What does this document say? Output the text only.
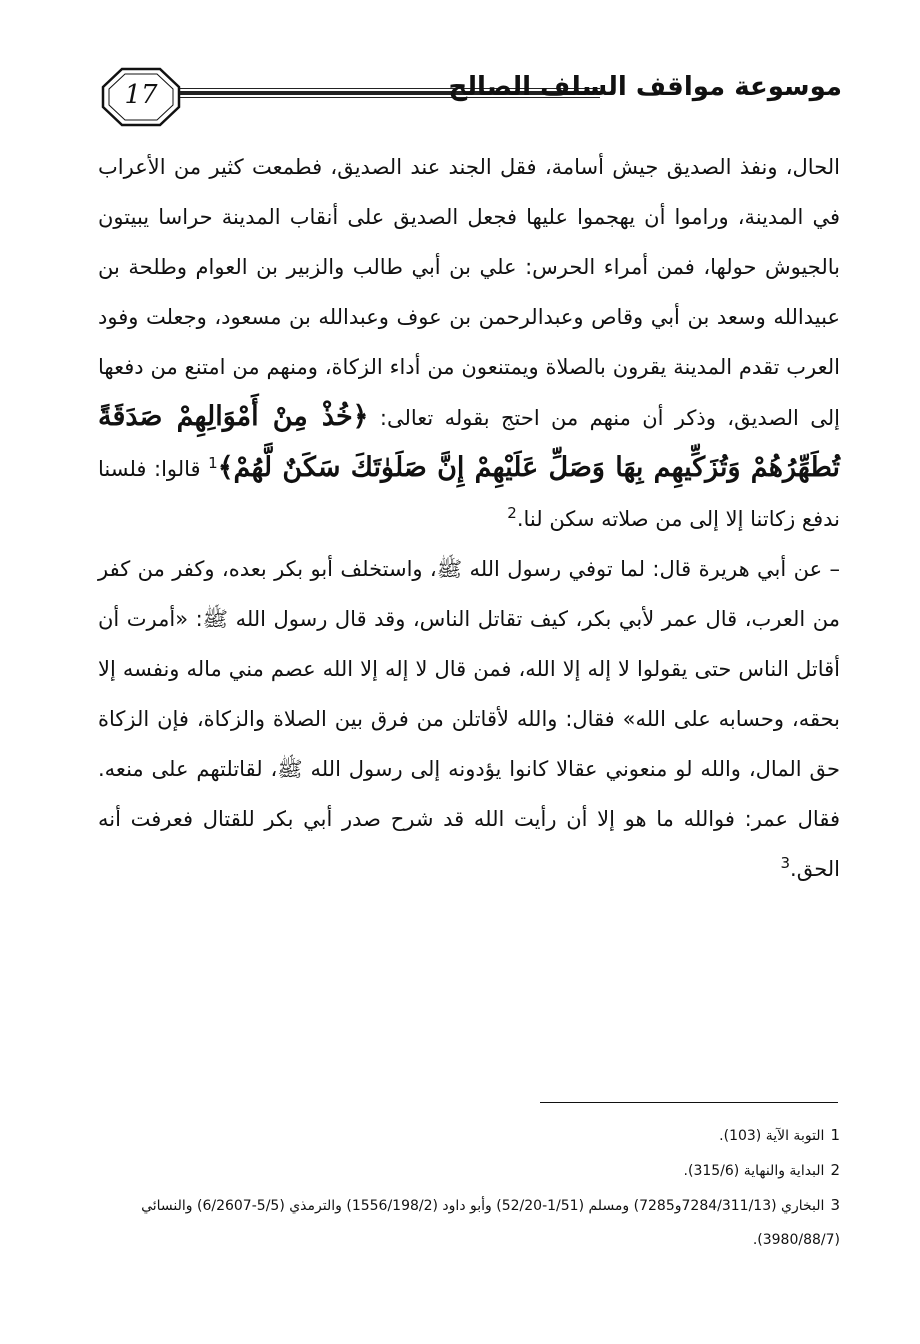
17	موسوعة مواقف السلف الصالح

الحال، ونفذ الصديق جيش أسامة، فقل الجند عند الصديق، فطمعت كثير من الأعراب في المدينة، وراموا أن يهجموا عليها فجعل الصديق على أنقاب المدينة حراسا يبيتون بالجيوش حولها، فمن أمراء الحرس: علي بن أبي طالب والزبير بن العوام وطلحة بن عبيدالله وسعد بن أبي وقاص وعبدالرحمن بن عوف وعبدالله بن مسعود، وجعلت وفود العرب تقدم المدينة يقرون بالصلاة ويمتنعون من أداء الزكاة، ومنهم من امتنع من دفعها إلى الصديق، وذكر أن منهم من احتج بقوله تعالى: ﴿خُذْ مِنْ أَمْوَالِهِمْ صَدَقَةً تُطَهِّرُهُمْ وَتُزَكِّيهِم بِهَا وَصَلِّ عَلَيْهِمْ إِنَّ صَلَوٰتَكَ سَكَنٌ لَّهُمْ﴾$^1$ قالوا: فلسنا ندفع زكاتنا إلا إلى من صلاته سكن لنا.$^2$

– عن أبي هريرة قال: لما توفي رسول الله ﷺ، واستخلف أبو بكر بعده، وكفر من كفر من العرب، قال عمر لأبي بكر، كيف تقاتل الناس، وقد قال رسول الله ﷺ: «أمرت أن أقاتل الناس حتى يقولوا لا إله إلا الله، فمن قال لا إله إلا الله عصم مني ماله ونفسه إلا بحقه، وحسابه على الله» فقال: والله لأقاتلن من فرق بين الصلاة والزكاة، فإن الزكاة حق المال، والله لو منعوني عقالا كانوا يؤدونه إلى رسول الله ﷺ، لقاتلتهم على منعه. فقال عمر: فوالله ما هو إلا أن رأيت الله قد شرح صدر أبي بكر للقتال فعرفت أنه الحق.$^3$

1التوبة الآية (103).

2البداية والنهاية (315/6).

3البخاري (7284/311/13و7285) ومسلم (1/51-52/20) وأبو داود (1556/198/2) والترمذي (5/5-6/2607) والنسائي (3980/88/7).
